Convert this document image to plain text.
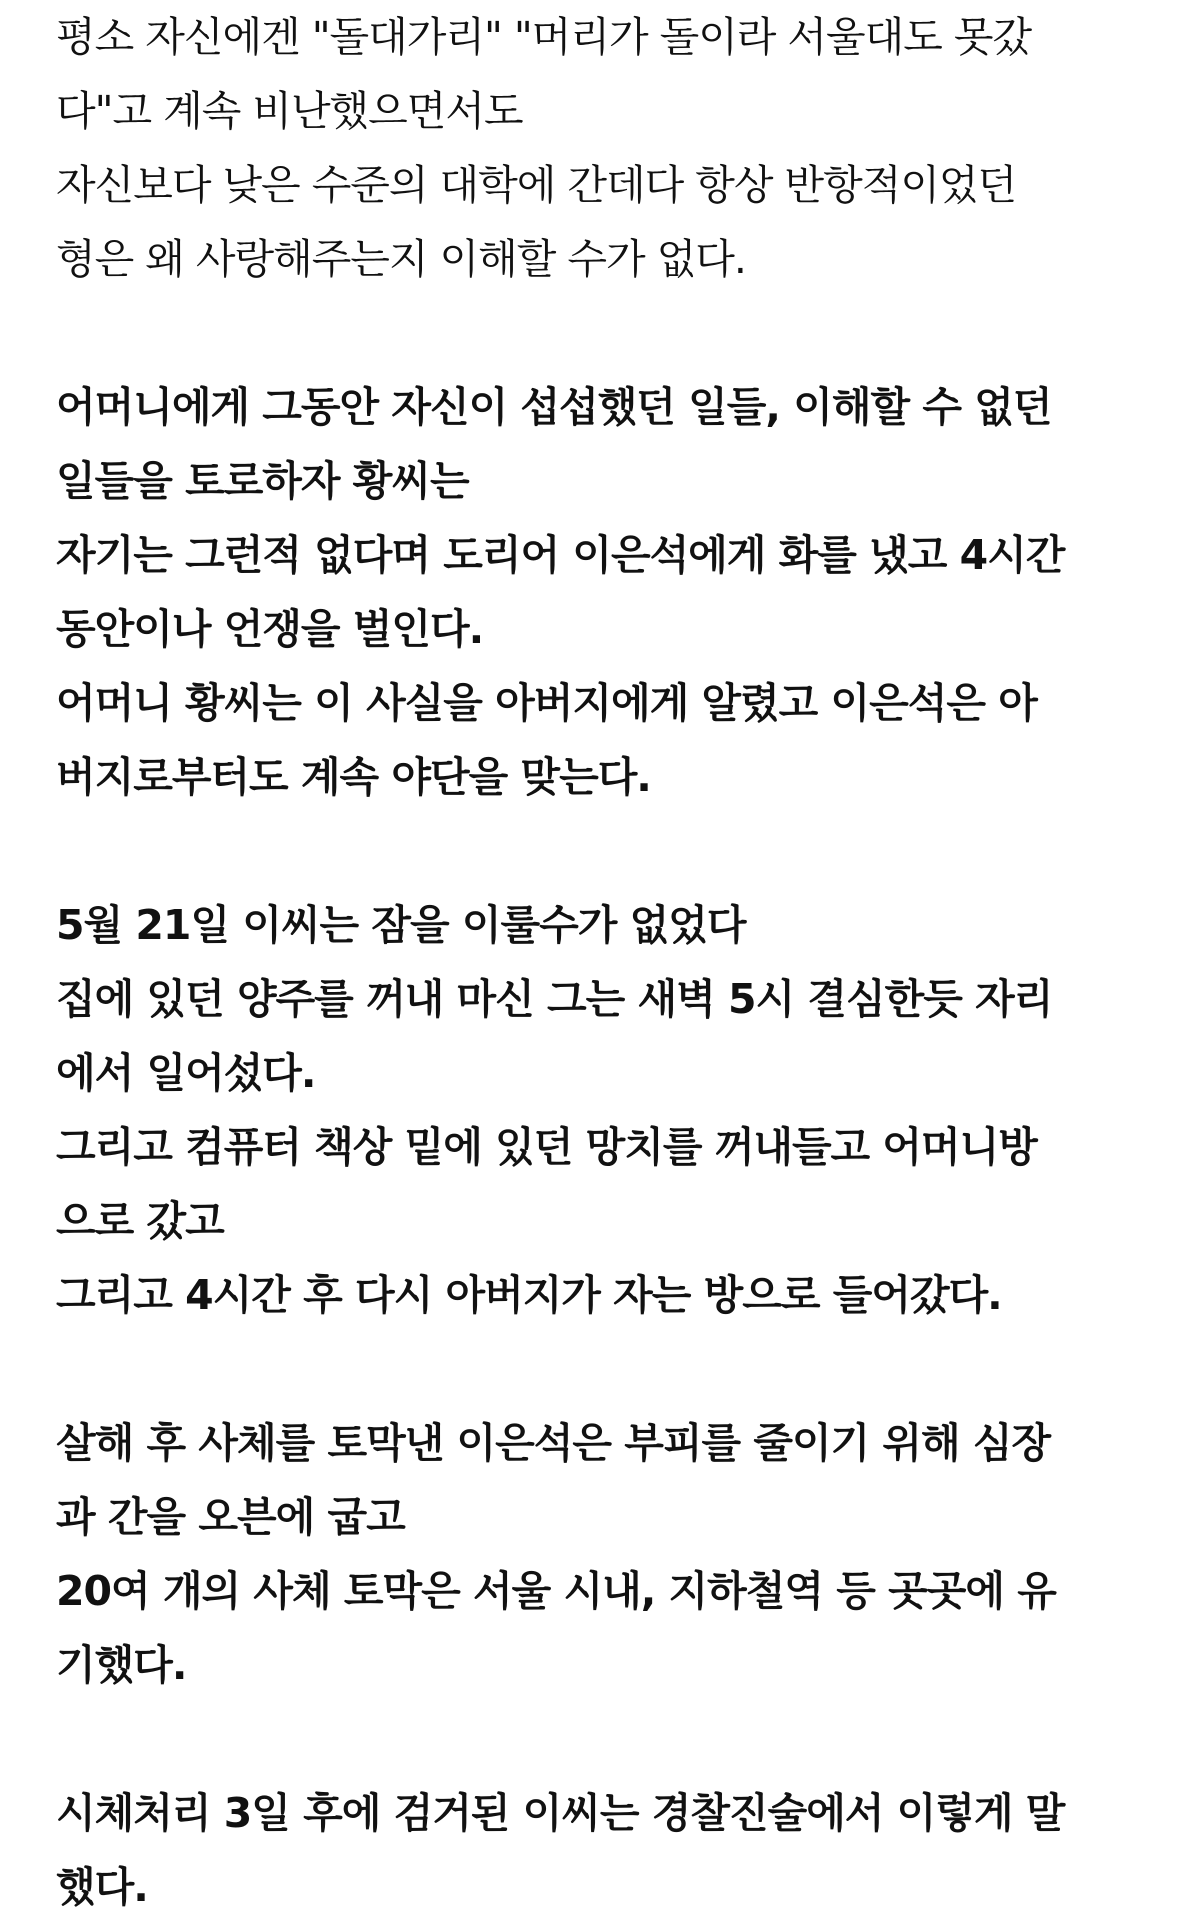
평소 자신에겐 "돌대가리" "머리가 돌이라 서울대도 못갔
다"고 계속 비난했으면서도
자신보다 낮은 수준의 대학에 간데다 항상 반항적이었던
형은 왜 사랑해주는지 이해할 수가 없다.
어머니에게 그동안 자신이 섭섭했던 일들, 이해할 수 없던
일들을 토로하자 황씨는
자기는 그런적 없다며 도리어 이은석에게 화를 냈고 4시간
동안이나 언쟁을 벌인다.
어머니 황씨는 이 사실을 아버지에게 알렸고 이은석은 아
버지로부터도 계속 야단을 맞는다.
5월 21일 이씨는 잠을 이룰수가 없었다
집에 있던 양주를 꺼내 마신 그는 새벽 5시 결심한듯 자리
에서 일어섰다.
그리고 컴퓨터 책상 밑에 있던 망치를 꺼내들고 어머니방
으로 갔고
그리고 4시간 후 다시 아버지가 자는 방으로 들어갔다.
살해 후 사체를 토막낸 이은석은 부피를 줄이기 위해 심장
과 간을 오븐에 굽고
20여 개의 사체 토막은 서울 시내, 지하철역 등 곳곳에 유
기했다.
시체처리 3일 후에 검거된 이씨는 경찰진술에서 이렇게 말
했다.
